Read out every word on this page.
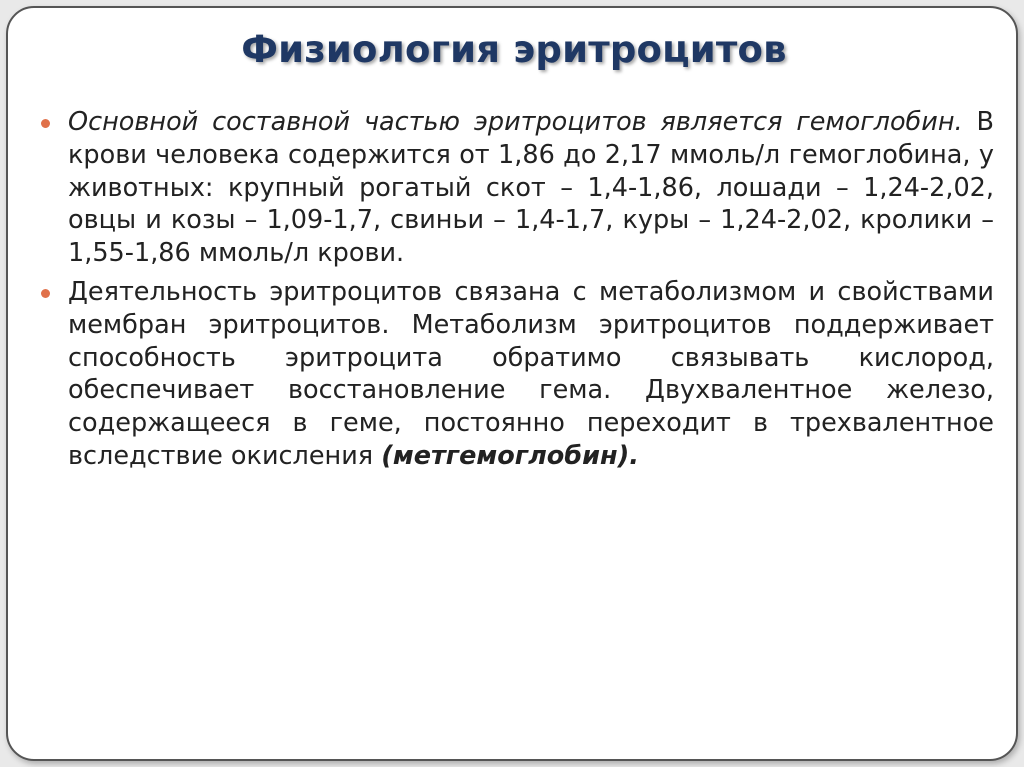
Физиология эритроцитов
Основной составной частью эритроцитов является гемоглобин. В крови человека содержится от 1,86 до 2,17 ммоль/л гемоглобина, у животных: крупный рогатый скот – 1,4-1,86, лошади – 1,24-2,02, овцы и козы – 1,09-1,7, свиньи – 1,4-1,7, куры – 1,24-2,02, кролики – 1,55-1,86 ммоль/л крови.
Деятельность эритроцитов связана с метаболизмом и свойствами мембран эритроцитов. Метаболизм эритроцитов поддерживает способность эритроцита обратимо связывать кислород, обеспечивает восстановление гема. Двухвалентное железо, содержащееся в геме, постоянно переходит в трехвалентное вследствие окисления (метгемоглобин).
